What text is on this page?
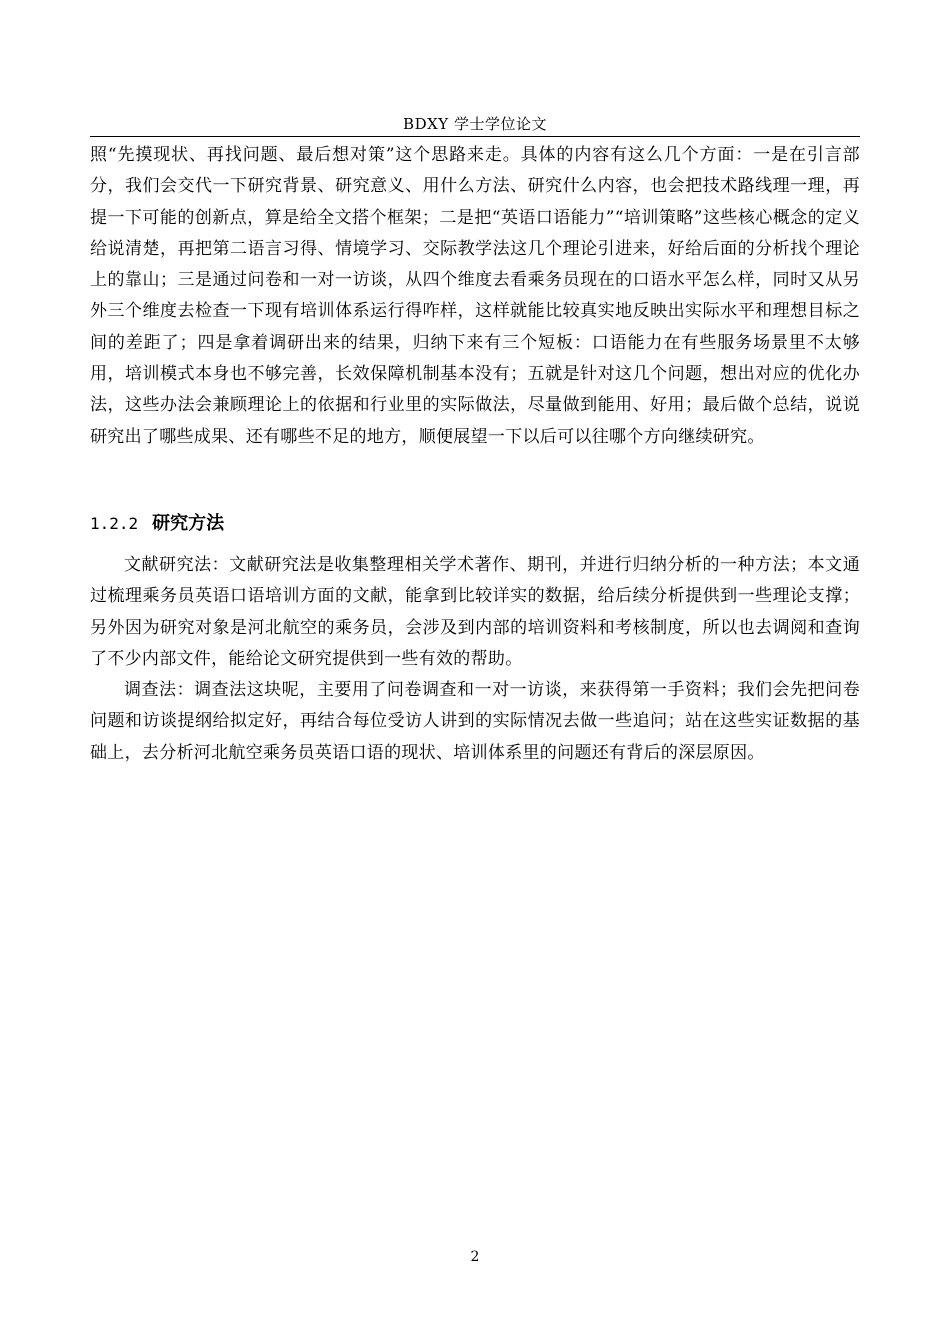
BDXY 学士学位论文

照“先摸现状、再找问题、最后想对策”这个思路来走。具体的内容有这么几个方面：一是在引言部分，我们会交代一下研究背景、研究意义、用什么方法、研究什么内容，也会把技术路线理一理，再提一下可能的创新点，算是给全文搭个框架；二是把“英语口语能力”“培训策略”这些核心概念的定义给说清楚，再把第二语言习得、情境学习、交际教学法这几个理论引进来，好给后面的分析找个理论上的靠山；三是通过问卷和一对一访谈，从四个维度去看乘务员现在的口语水平怎么样，同时又从另外三个维度去检查一下现有培训体系运行得咋样，这样就能比较真实地反映出实际水平和理想目标之间的差距了；四是拿着调研出来的结果，归纳下来有三个短板：口语能力在有些服务场景里不太够用，培训模式本身也不够完善，长效保障机制基本没有；五就是针对这几个问题，想出对应的优化办法，这些办法会兼顾理论上的依据和行业里的实际做法，尽量做到能用、好用；最后做个总结，说说研究出了哪些成果、还有哪些不足的地方，顺便展望一下以后可以往哪个方向继续研究。

1.2.2 研究方法

文献研究法：文献研究法是收集整理相关学术著作、期刊，并进行归纳分析的一种方法；本文通过梳理乘务员英语口语培训方面的文献，能拿到比较详实的数据，给后续分析提供到一些理论支撑；另外因为研究对象是河北航空的乘务员，会涉及到内部的培训资料和考核制度，所以也去调阅和查询了不少内部文件，能给论文研究提供到一些有效的帮助。

调查法：调查法这块呢，主要用了问卷调查和一对一访谈，来获得第一手资料；我们会先把问卷问题和访谈提纲给拟定好，再结合每位受访人讲到的实际情况去做一些追问；站在这些实证数据的基础上，去分析河北航空乘务员英语口语的现状、培训体系里的问题还有背后的深层原因。

2
